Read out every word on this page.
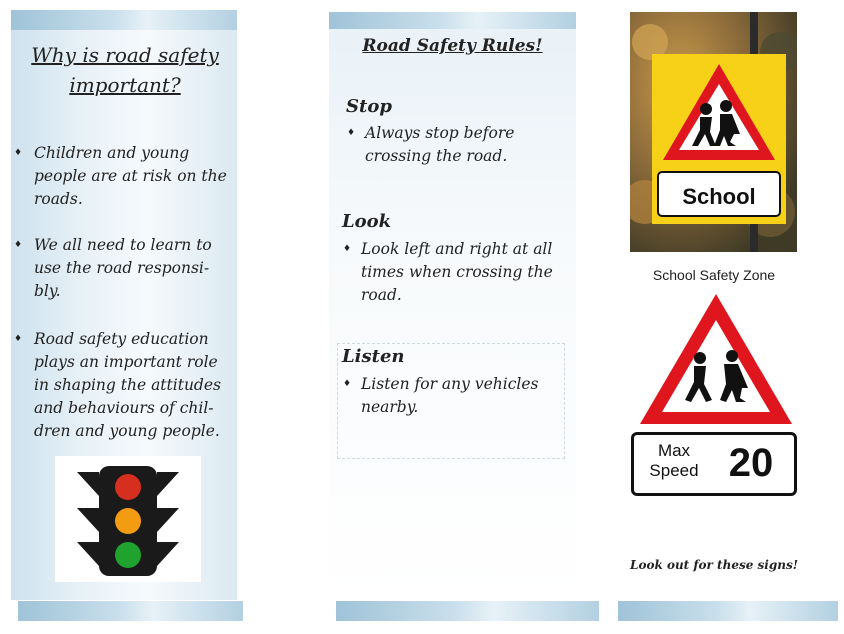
Why is road safety important?
♦ Children and young people are at risk on the roads.
♦ We all need to learn to use the road responsi-bly.
♦ Road safety education plays an important role in shaping the attitudes and behaviours of chil-dren and young people.
Road Safety Rules!
Stop
♦ Always stop before crossing the road.
Look
♦ Look left and right at all times when crossing the road.
Listen
♦ Listen for any vehicles nearby.
School
School Safety Zone
Max
Speed 20
Look out for these signs!
